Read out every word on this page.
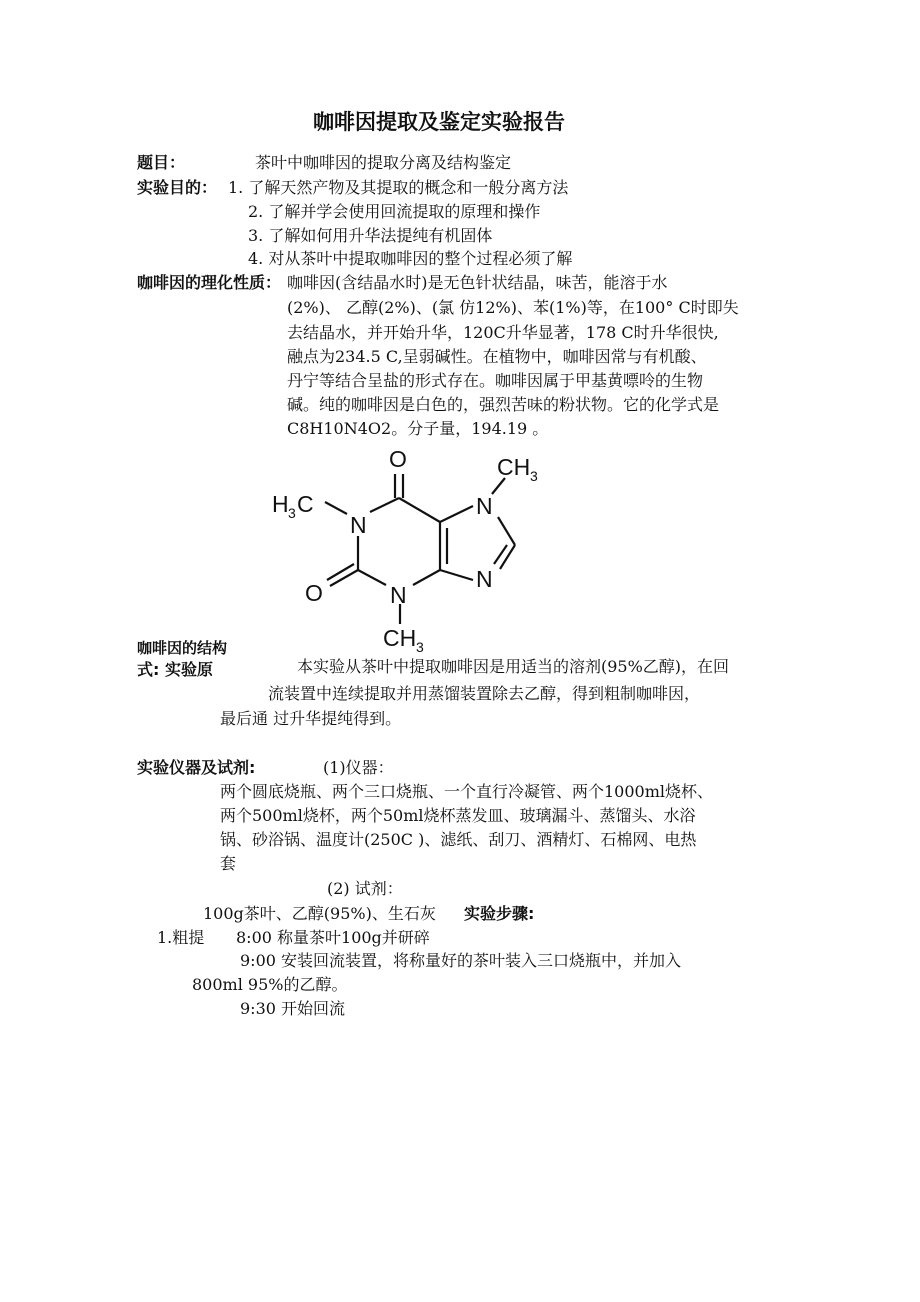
咖啡因提取及鉴定实验报告
题目：	茶叶中咖啡因的提取分离及结构鉴定
实验目的： 1. 了解天然产物及其提取的概念和一般分离方法
2. 了解并学会使用回流提取的原理和操作
3. 了解如何用升华法提纯有机固体
4. 对从茶叶中提取咖啡因的整个过程必须了解
咖啡因的理化性质： 咖啡因(含结晶水时)是无色针状结晶，味苦，能溶于水
(2%)、 乙醇(2%)、(氯 仿12%)、苯(1%)等，在100° C时即失
去结晶水，并开始升华，120C升华显著，178 C时升华很快,
融点为234.5 C,呈弱碱性。在植物中，咖啡因常与有机酸、
丹宁等结合呈盐的形式存在。咖啡因属于甲基黄嘌呤的生物
碱。纯的咖啡因是白色的，强烈苦味的粉状物。它的化学式是
C8H10N4O2。分子量，194.19 。
O
O
N
N
N
N
H 3 C
CH 3
CH 3
咖啡因的结构
式: 实验原	本实验从茶叶中提取咖啡因是用适当的溶剂(95%乙醇)，在回
流装置中连续提取并用蒸馏装置除去乙醇，得到粗制咖啡因，
最后通 过升华提纯得到。
实验仪器及试剂:	(1)仪器：
两个圆底烧瓶、两个三口烧瓶、一个直行冷凝管、两个1000ml烧杯、
两个500ml烧杯，两个50ml烧杯蒸发皿、玻璃漏斗、蒸馏头、水浴
锅、砂浴锅、温度计(250C )、滤纸、刮刀、酒精灯、石棉网、电热
套
(2) 试剂：
100g茶叶、乙醇(95%)、生石灰 实验步骤:
1.粗提 8:00 称量茶叶100g并研碎
9:00 安装回流装置，将称量好的茶叶装入三口烧瓶中，并加入
800ml 95%的乙醇。
9:30 开始回流
